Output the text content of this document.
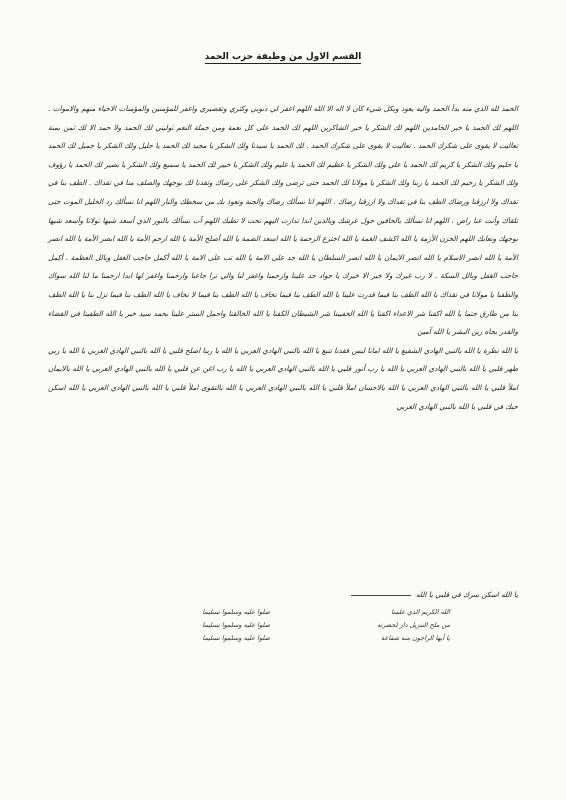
القسم الاول من وظيفة حزب الحمد

الحمد لله الذي منه بدأ الحمد واليه يعود وبكل شيء كان لا اله الا الله اللهم اغفر لي ذنوبي وكثري وتقصيري واغفر للمؤمنين والمؤمنات الاحياء منهم والاموات . اللهم لك الحمد يا خير الحامدين اللهم لك الشكر يا خير الشاكرين اللهم لك الحمد على كل نعمة ومن جملة النعم توليني لك الحمد ولا حمد الا لك ثمن بمنة تعاليت لا يقوى على شكرك الحمد . تعاليت لا يقوى على شكرك الحمد . لك الحمد يا سيدنا ولك الشكر يا مجيد لك الحمد يا جليل ولك الشكر يا جميل لك الحمد يا حليم ولك الشكر يا كريم لك الحمد يا علي ولك الشكر يا عظيم لك الحمد يا عليم ولك الشكر يا خبير لك الحمد يا سميع ولك الشكر يا بصير لك الحمد يا رؤوف ولك الشكر يا رحيم لك الحمد يا ربنا ولك الشكر يا مولانا لك الحمد حتى ترضى ولك الشكر على رضاك وتقدنا لك بوجهك والصلف منا في تقداك . الطف بنا في تقداك ولا ارزقنا ورضاك الطف بنا في تقداك ولا ارزقنا رضاك . اللهم انا نسألك رضاك والجنة ونعوذ بك من سخطك والنار اللهم انا نسألك رد الخليل الموت حتى تلقاك وأنت عنا راض . اللهم انا نسألك بالحافين حول عرشك وبالذين انذا تدارت اليهم تحت لا تطبك اللهم آت نسألك بالنور الذي أسعد شيها تولانا وأسعد شيها بوجهك ونعابك اللهم الحزن الأزمة يا الله اكشف الغمة يا الله اخترع الرحمة يا الله اسعد الضمة يا الله أصلح الأمة يا الله ارحم الأمة يا الله ابصر الأمة يا الله انصر الأمة يا الله انصر الاسلام يا الله انصر الايمان يا الله انصر السلطان يا الله جد على الامة يا الله تب على الامة يا الله أكمل حاجب الغفل وبالل العظمة . أكمل حاجب الغفل وبالل السكة . لا رب غيرك ولا خير الا خيرك يا جواد جد علينا وارحمنا واغفر لنا والي ترا جاعنا وارحمنا واغفر لها ابدا ارحمنا ما لنا الله سواك والطفنا يا مولانا في تقداك يا الله الطف بنا فيما قدرت علينا يا الله الطف بنا فيما نخاف يا الله الطف بنا فيما لا نخاف يا الله الطف بنا فيما تزل بنا يا الله الطف بنا من طارق حتما يا الله اكفنا شر الاعداء اكفنا يا الله الخفيبنا شر الشيطان الكفنا يا الله الخالقنا واحمل الستر علينا بحمد سيد خير يا الله الطفينا في القضاء والقدر بجاه زين البشر يا الله آمين

يا الله نظرة يا الله بالنبي الهادي الشفيع يا الله امانا ليس فقدنا تنبع يا الله بالنبي الهادي العربي يا الله يا ربنا اصلح قلبي يا الله بالنبي الهادي العربي يا الله يا ربي طهر قلبي يا الله بالنبي الهادي العربي يا الله يا رب أنور قلبي يا الله بالنبي الهادي العربي يا الله يا رب اغن عن قلبي يا الله بالنبي الهادي العربي يا الله بالايمان املأ قلبي يا الله بالنبي الهادي العربي يا الله بالاحسان املأ قلبي يا الله بالنبي الهادي العربي يا الله بالتقوى املأ قلبي يا الله بالنبي الهادي العربي يا الله اسكن حبك في قلبي يا الله بالنبي الهادي العربي

يا الله اسكن سرك في قلبي يا الله
الله الكريم الذي علمنا
صلوا عليه وسلموا تسليما
من ملح التنزيل دار لحضرته
صلوا عليه وسلموا تسليما
يا أيها الراجون منه شفاعة
صلوا عليه وسلموا تسليما
